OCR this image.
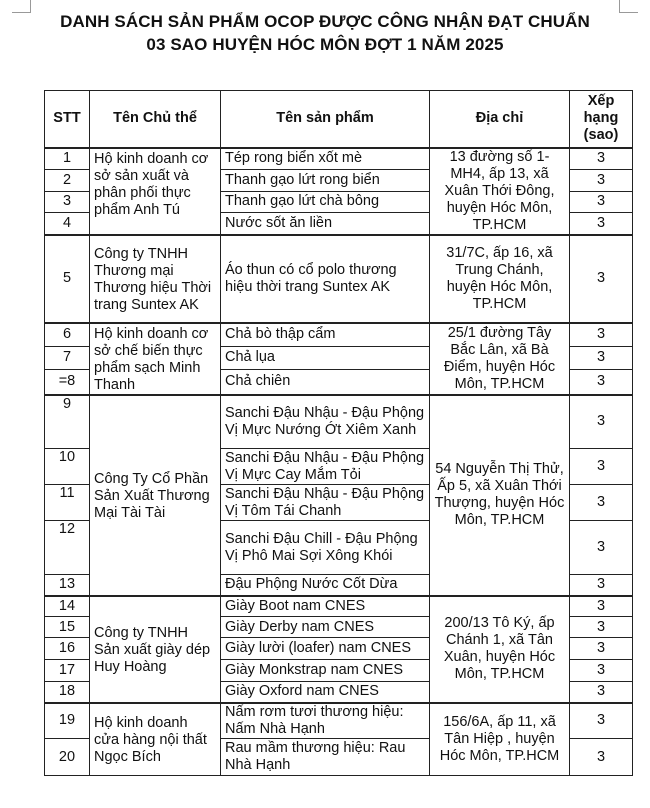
DANH SÁCH SẢN PHẨM OCOP ĐƯỢC CÔNG NHẬN ĐẠT CHUẨN
03 SAO HUYỆN HÓC MÔN ĐỢT 1 NĂM 2025
STT	Tên Chủ thể	Tên sản phẩm	Địa chỉ	Xếp hạng (sao)
1	Hộ kinh doanh cơ sở sản xuất và phân phối thực phẩm Anh Tú	Tép rong biển xốt mè	13 đường số 1-MH4, ấp 13, xã Xuân Thới Đông, huyện Hóc Môn, TP.HCM	3
2		Thanh gạo lứt rong biển		3
3		Thanh gạo lứt chà bông		3
4		Nước sốt ăn liền		3
5	Công ty TNHH Thương mại Thương hiệu Thời trang Suntex AK	Áo thun có cổ polo thương hiệu thời trang Suntex AK	31/7C, ấp 16, xã Trung Chánh, huyện Hóc Môn, TP.HCM	3
6	Hộ kinh doanh cơ sở chế biến thực phẩm sạch Minh Thanh	Chả bò thập cẩm	25/1 đường Tây Bắc Lân, xã Bà Điểm, huyện Hóc Môn, TP.HCM	3
7		Chả lụa		3
=8		Chả chiên		3
9	Công Ty Cổ Phần Sản Xuất Thương Mại Tài Tài	Sanchi Đậu Nhậu - Đậu Phộng Vị Mực Nướng Ớt Xiêm Xanh	54 Nguyễn Thị Thử, Ấp 5, xã Xuân Thới Thượng, huyện Hóc Môn, TP.HCM	3
10		Sanchi Đậu Nhậu - Đậu Phộng Vị Mực Cay Mắm Tỏi		3
11		Sanchi Đậu Nhậu - Đậu Phộng Vị Tôm Tái Chanh		3
12		Sanchi Đậu Chill - Đậu Phộng Vị Phô Mai Sợi Xông Khói		3
13		Đậu Phộng Nước Cốt Dừa		3
14	Công ty TNHH Sản xuất giày dép Huy Hoàng	Giày Boot nam CNES	200/13 Tô Ký, ấp Chánh 1, xã Tân Xuân, huyện Hóc Môn, TP.HCM	3
15		Giày Derby nam CNES		3
16		Giày lười (loafer) nam CNES		3
17		Giày Monkstrap nam CNES		3
18		Giày Oxford nam CNES		3
19	Hộ kinh doanh cửa hàng nội thất Ngọc Bích	Nấm rơm tươi thương hiệu: Nấm Nhà Hạnh	156/6A, ấp 11, xã Tân Hiệp , huyện Hóc Môn, TP.HCM	3
20		Rau mầm thương hiệu: Rau Nhà Hạnh		3
